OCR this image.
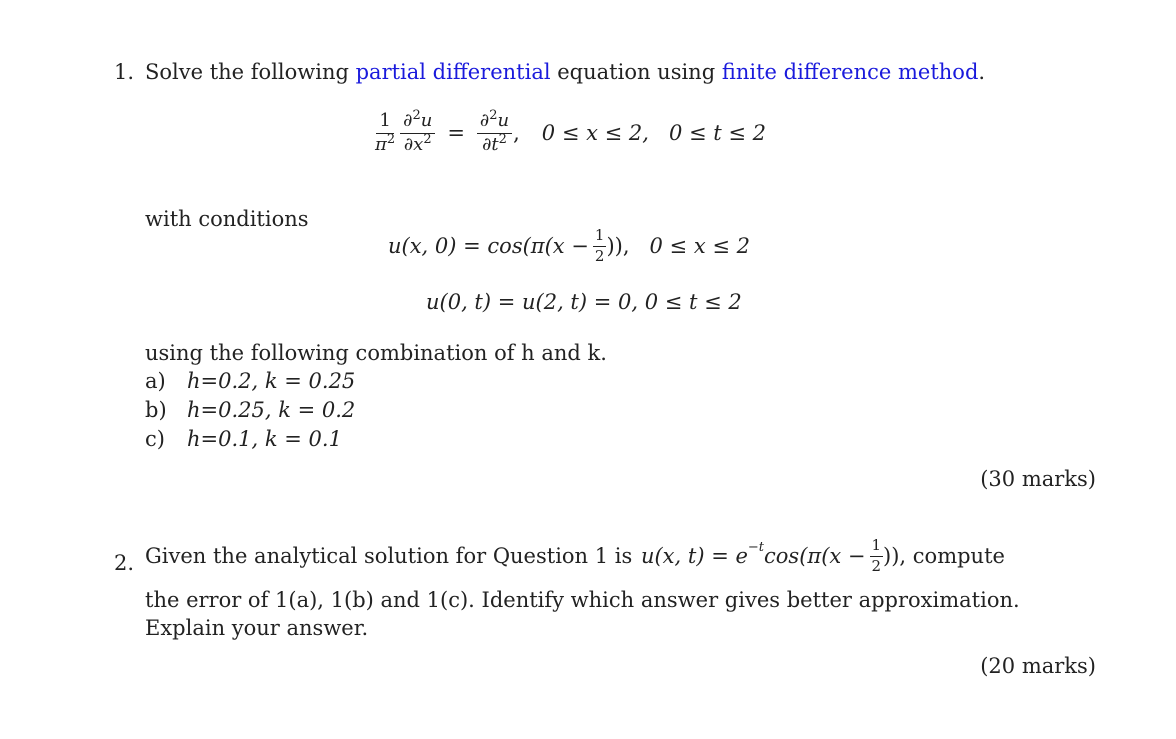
1. Solve the following partial differential equation using finite difference method.
$\frac{1}{\pi^2} \frac{\partial^2u}{\partial x^2} = \frac{\partial^2u}{\partial t^2}$ , 0 ≤ x ≤ 2,   0 ≤ t ≤ 2
with conditions
u(x, $0) = \cos(\pi(x - \frac{1}{2}$ )), 0 ≤ x ≤ 2
u(0, t) = u(2, t) = 0, 0 ≤ t ≤ 2
using the following combination of h and k.
a) h=0.2, k = 0.25
b) h=0.25, k = 0.2
c) h=0.1, k = 0.1
(30 marks)
2. Given the analytical solution for Question 1 is u(x, $t) = e^{-t}$ $\cos(\pi(x - \frac{1}{2}$ )), compute
the error of 1(a), 1(b) and 1(c). Identify which answer gives better approximation.
Explain your answer.
(20 marks)
